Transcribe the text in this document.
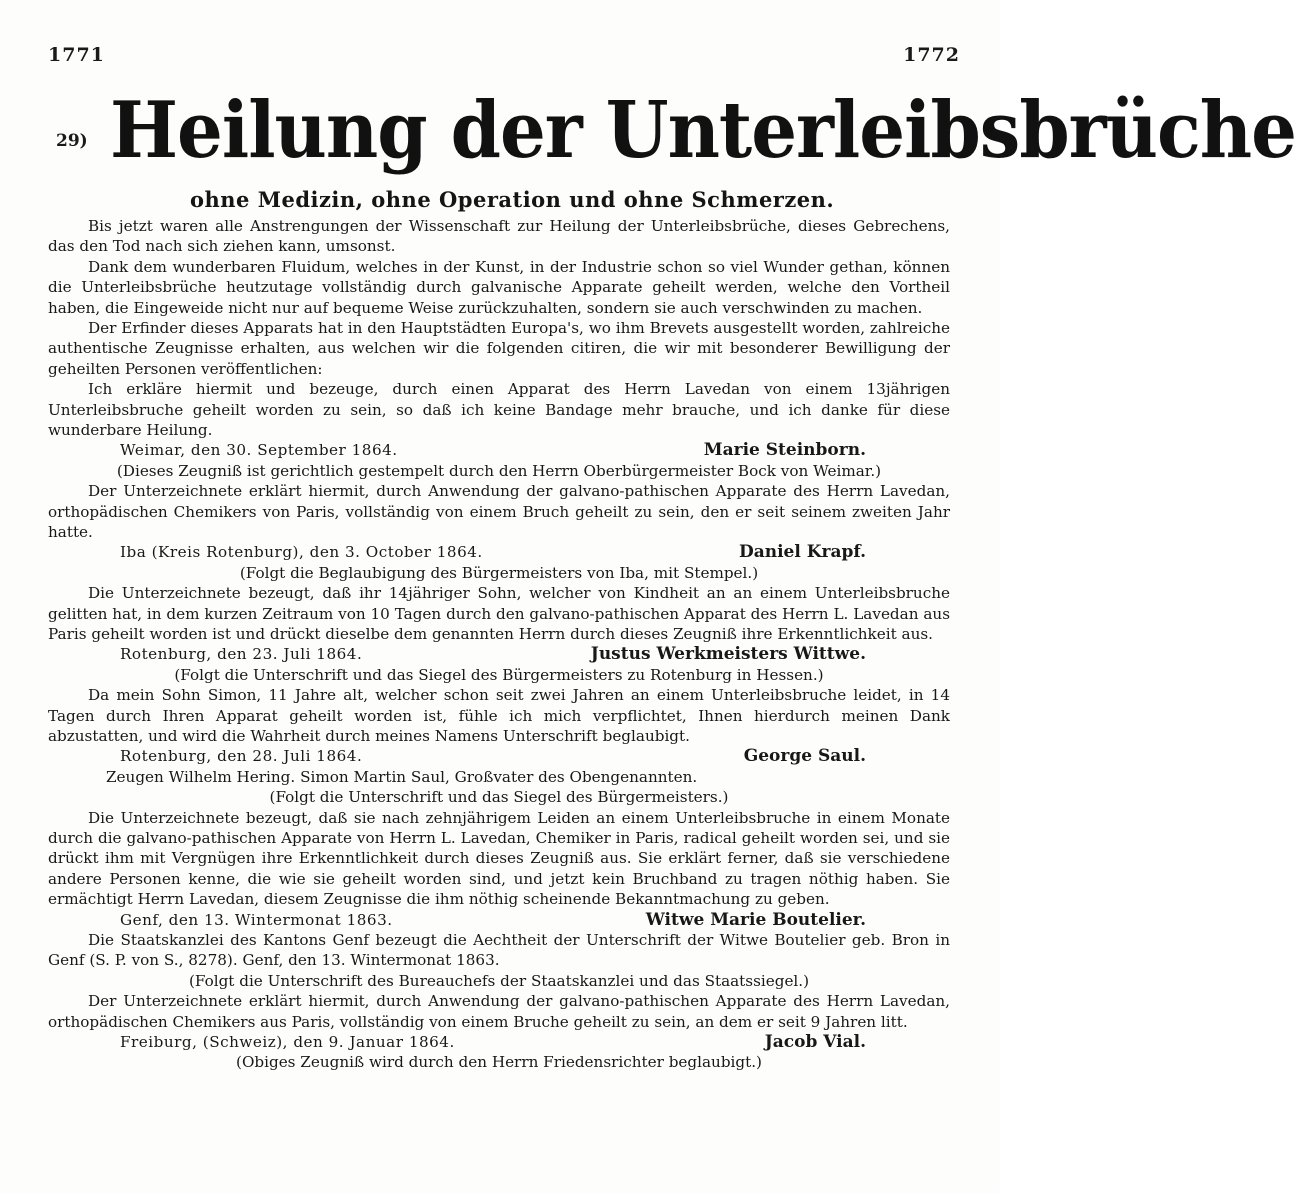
1771	1772
29) Heilung der Unterleibsbrüche
ohne Medizin, ohne Operation und ohne Schmerzen.

Bis jetzt waren alle Anstrengungen der Wissenschaft zur Heilung der Unterleibsbrüche, dieses Gebrechens, das den Tod nach sich ziehen kann, umsonst.

Dank dem wunderbaren Fluidum, welches in der Kunst, in der Industrie schon so viel Wunder gethan, können die Unterleibsbrüche heutzutage vollständig durch galvanische Apparate geheilt werden, welche den Vortheil haben, die Eingeweide nicht nur auf bequeme Weise zurückzuhalten, sondern sie auch verschwinden zu machen.

Der Erfinder dieses Apparats hat in den Hauptstädten Europa's, wo ihm Brevets ausgestellt worden, zahlreiche authentische Zeugnisse erhalten, aus welchen wir die folgenden citiren, die wir mit besonderer Bewilligung der geheilten Personen veröffentlichen:

Ich erkläre hiermit und bezeuge, durch einen Apparat des Herrn Lavedan von einem 13jährigen Unterleibsbruche geheilt worden zu sein, so daß ich keine Bandage mehr brauche, und ich danke für diese wunderbare Heilung.

Weimar, den 30. September 1864.	Marie Steinborn.
(Dieses Zeugniß ist gerichtlich gestempelt durch den Herrn Oberbürgermeister Bock von Weimar.)

Der Unterzeichnete erklärt hiermit, durch Anwendung der galvano-pathischen Apparate des Herrn Lavedan, orthopädischen Chemikers von Paris, vollständig von einem Bruch geheilt zu sein, den er seit seinem zweiten Jahr hatte.

Iba (Kreis Rotenburg), den 3. October 1864.	Daniel Krapf.
(Folgt die Beglaubigung des Bürgermeisters von Iba, mit Stempel.)

Die Unterzeichnete bezeugt, daß ihr 14jähriger Sohn, welcher von Kindheit an an einem Unterleibsbruche gelitten hat, in dem kurzen Zeitraum von 10 Tagen durch den galvano-pathischen Apparat des Herrn L. Lavedan aus Paris geheilt worden ist und drückt dieselbe dem genannten Herrn durch dieses Zeugniß ihre Erkenntlichkeit aus.

Rotenburg, den 23. Juli 1864.	Justus Werkmeisters Wittwe.
(Folgt die Unterschrift und das Siegel des Bürgermeisters zu Rotenburg in Hessen.)

Da mein Sohn Simon, 11 Jahre alt, welcher schon seit zwei Jahren an einem Unterleibsbruche leidet, in 14 Tagen durch Ihren Apparat geheilt worden ist, fühle ich mich verpflichtet, Ihnen hierdurch meinen Dank abzustatten, und wird die Wahrheit durch meines Namens Unterschrift beglaubigt.

Rotenburg, den 28. Juli 1864.	George Saul.
Zeugen Wilhelm Hering. Simon Martin Saul, Großvater des Obengenannten.
(Folgt die Unterschrift und das Siegel des Bürgermeisters.)

Die Unterzeichnete bezeugt, daß sie nach zehnjährigem Leiden an einem Unterleibsbruche in einem Monate durch die galvano-pathischen Apparate von Herrn L. Lavedan, Chemiker in Paris, radical geheilt worden sei, und sie drückt ihm mit Vergnügen ihre Erkenntlichkeit durch dieses Zeugniß aus. Sie erklärt ferner, daß sie verschiedene andere Personen kenne, die wie sie geheilt worden sind, und jetzt kein Bruchband zu tragen nöthig haben. Sie ermächtigt Herrn Lavedan, diesem Zeugnisse die ihm nöthig scheinende Bekanntmachung zu geben.

Genf, den 13. Wintermonat 1863.	Witwe Marie Boutelier.

Die Staatskanzlei des Kantons Genf bezeugt die Aechtheit der Unterschrift der Witwe Boutelier geb. Bron in Genf (S. P. von S., 8278). Genf, den 13. Wintermonat 1863.

(Folgt die Unterschrift des Bureauchefs der Staatskanzlei und das Staatssiegel.)

Der Unterzeichnete erklärt hiermit, durch Anwendung der galvano-pathischen Apparate des Herrn Lavedan, orthopädischen Chemikers aus Paris, vollständig von einem Bruche geheilt zu sein, an dem er seit 9 Jahren litt.

Freiburg, (Schweiz), den 9. Januar 1864.	Jacob Vial.
(Obiges Zeugniß wird durch den Herrn Friedensrichter beglaubigt.)
